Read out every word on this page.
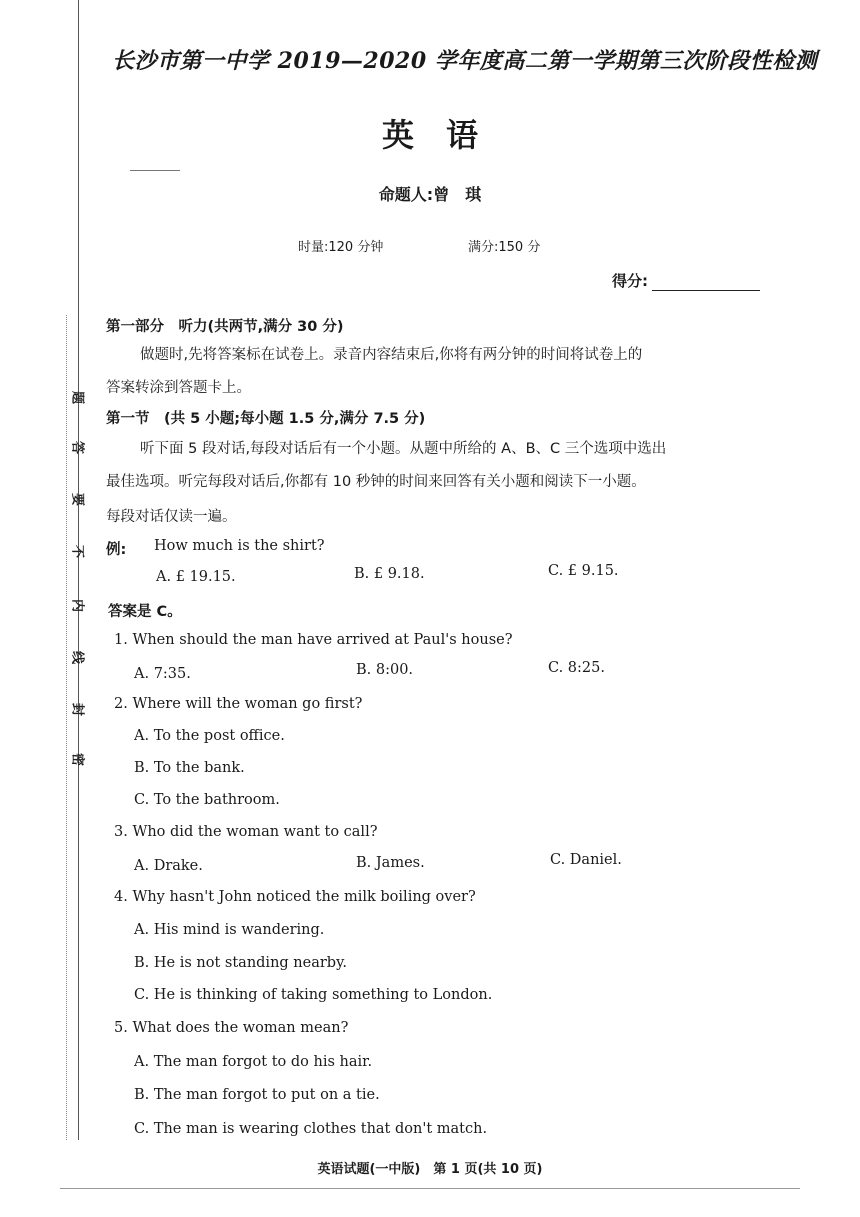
题
答
要
不
内
线
封
密
长沙市第一中学 2019—2020 学年度高二第一学期第三次阶段性检测
英　语
命题人:曾　琪
时量:120 分钟	满分:150 分
得分:
第一部分　听力(共两节,满分 30 分)
做题时,先将答案标在试卷上。录音内容结束后,你将有两分钟的时间将试卷上的
答案转涂到答题卡上。
第一节　(共 5 小题;每小题 1.5 分,满分 7.5 分)
听下面 5 段对话,每段对话后有一个小题。从题中所给的 A、B、C 三个选项中选出
最佳选项。听完每段对话后,你都有 10 秒钟的时间来回答有关小题和阅读下一小题。
每段对话仅读一遍。
例: How much is the shirt?
A. £ 19.15.	B. £ 9.18.	C. £ 9.15.
答案是 C。
1. When should the man have arrived at Paul's house?
A. 7:35.	B. 8:00.	C. 8:25.
2. Where will the woman go first?
A. To the post office.
B. To the bank.
C. To the bathroom.
3. Who did the woman want to call?
A. Drake.	B. James.	C. Daniel.
4. Why hasn't John noticed the milk boiling over?
A. His mind is wandering.
B. He is not standing nearby.
C. He is thinking of taking something to London.
5. What does the woman mean?
A. The man forgot to do his hair.
B. The man forgot to put on a tie.
C. The man is wearing clothes that don't match.
英语试题(一中版)　第 1 页(共 10 页)
